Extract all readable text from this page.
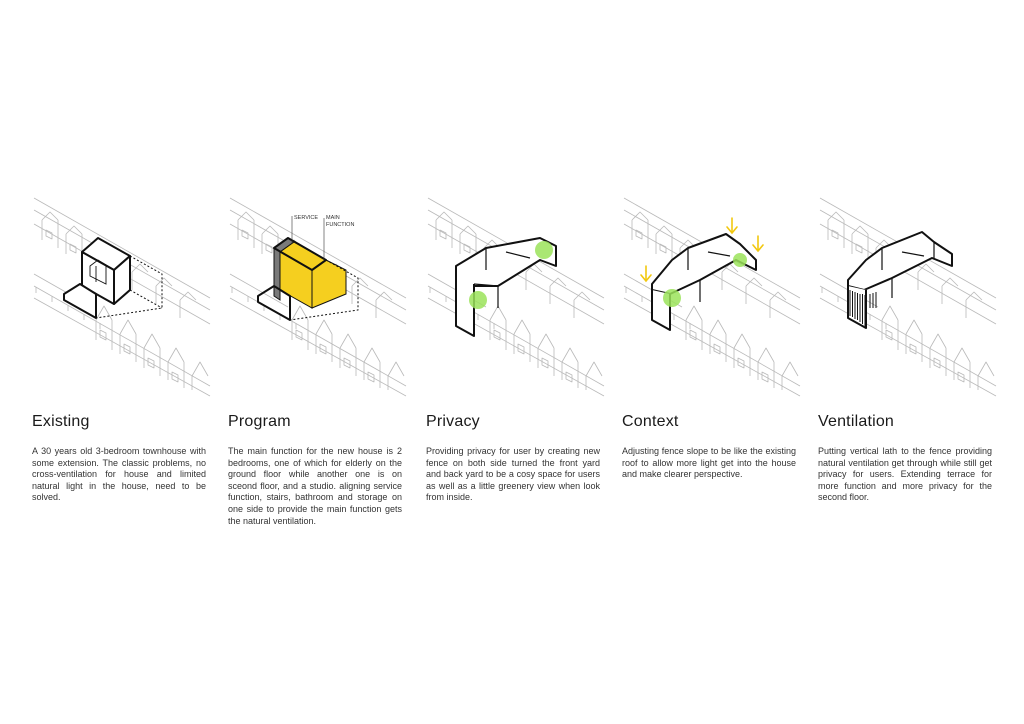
Existing

A 30 years old 3-bedroom townhouse with some extension. The classic problems, no cross-ventilation for house and limited natural light in the house, need to be solved.

SERVICE MAIN
FUNCTION
Program

The main function for the new house is 2 bedrooms, one of which for elderly on the ground floor while another one is on sceond floor, and a studio. aligning service function, stairs, bathroom and storage on one side to provide the main function gets the natural ventilation.

Privacy

Providing privacy for user by creating new fence on both side turned the front yard and back yard to be a cosy space for users as well as a little greenery view when look from inside.

Context

Adjusting fence slope to be like the existing roof to allow more light get into the house and make clearer perspective.

Ventilation

Putting vertical lath to the fence providing natural ventilation get through while still get privacy for users. Extending terrace for more function and more privacy for the second floor.
